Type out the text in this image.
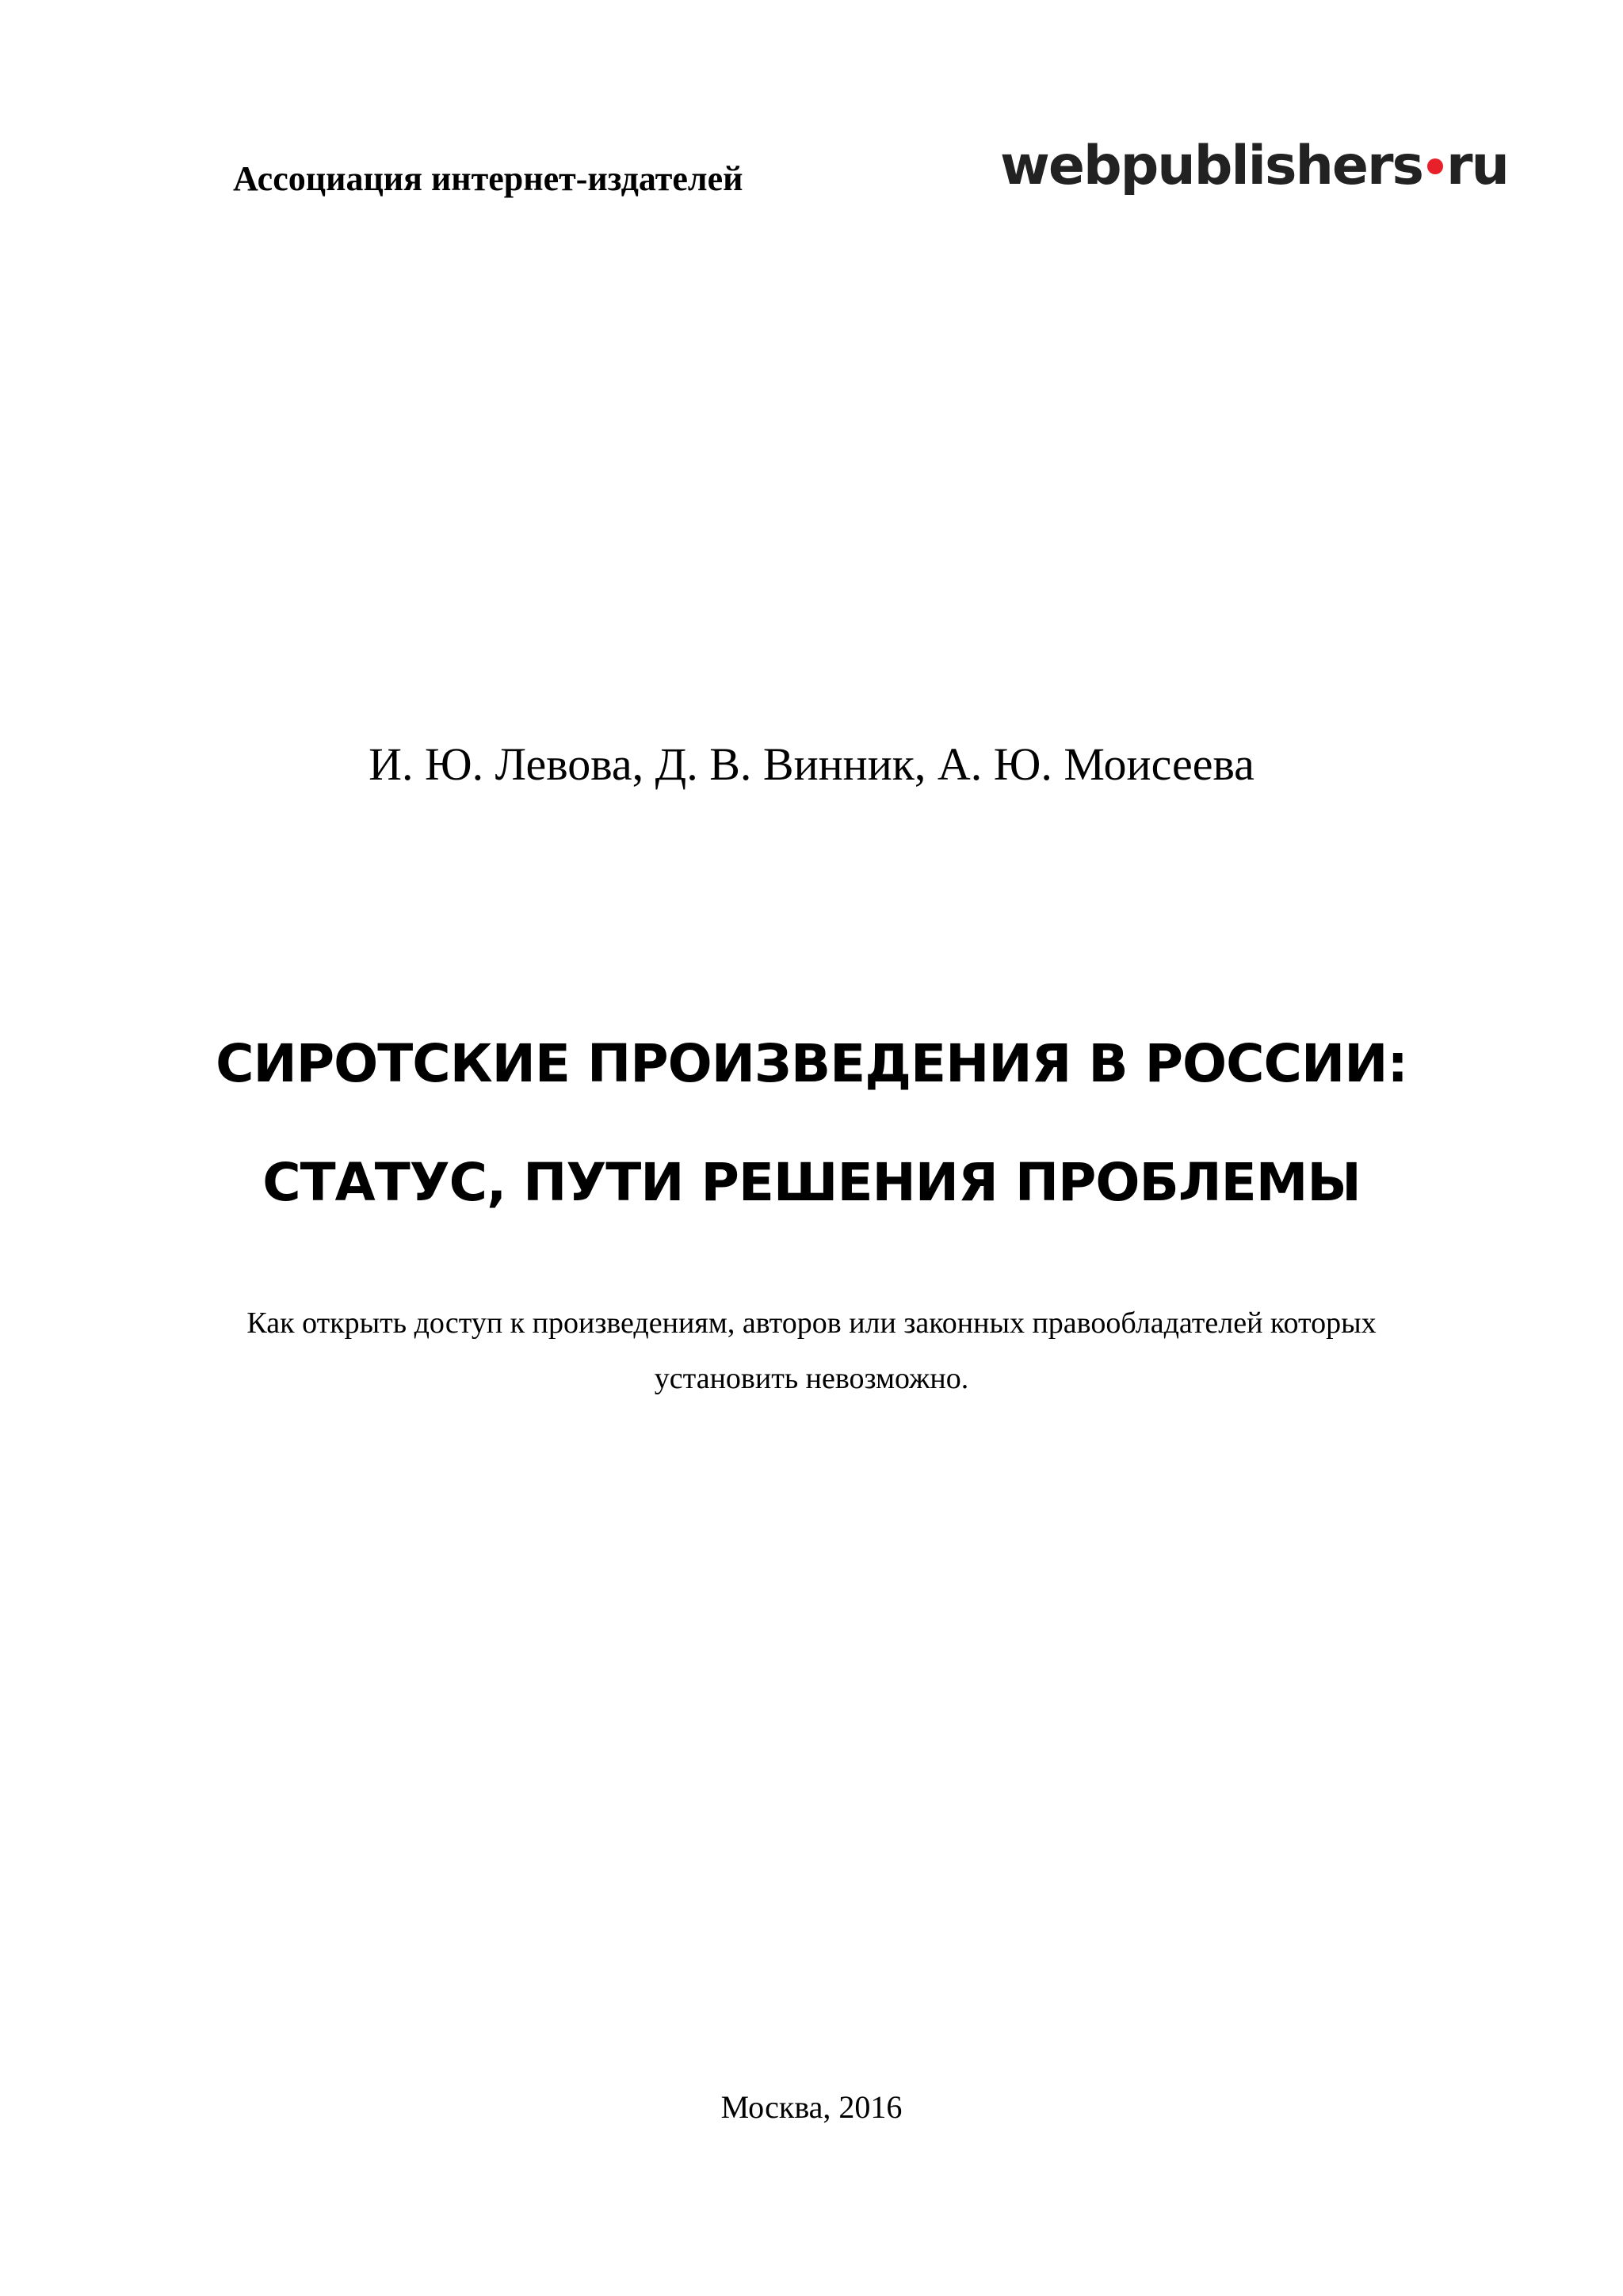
Ассоциация интернет-издателей	webpublishers ru
И. Ю. Левова, Д. В. Винник, А. Ю. Моисеева
СИРОТСКИЕ ПРОИЗВЕДЕНИЯ В РОССИИ:
СТАТУС, ПУТИ РЕШЕНИЯ ПРОБЛЕМЫ
Как открыть доступ к произведениям, авторов или законных правообладателей которых
установить невозможно.
Москва, 2016
